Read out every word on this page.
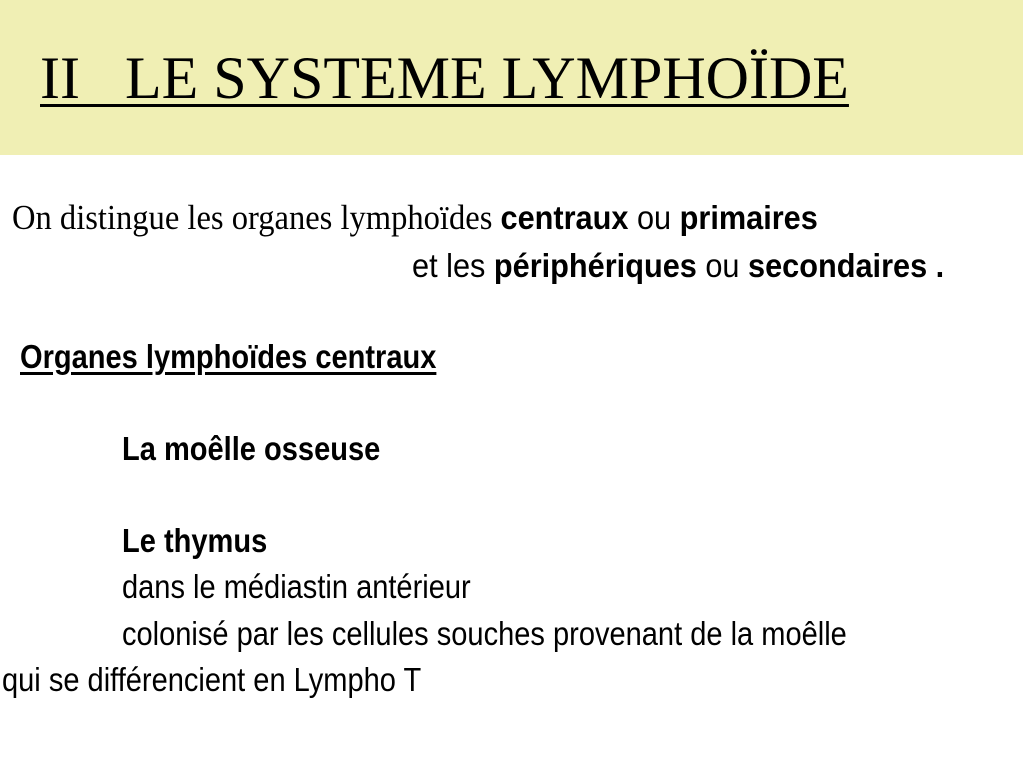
II   LE SYSTEME LYMPHOÏDE
On distingue les organes lymphoïdes centraux ou primaires
et les périphériques ou secondaires .
Organes lymphoïdes centraux
La moêlle osseuse
Le thymus
dans le médiastin antérieur
colonisé par les cellules souches provenant de la moêlle
qui se différencient en Lympho T
